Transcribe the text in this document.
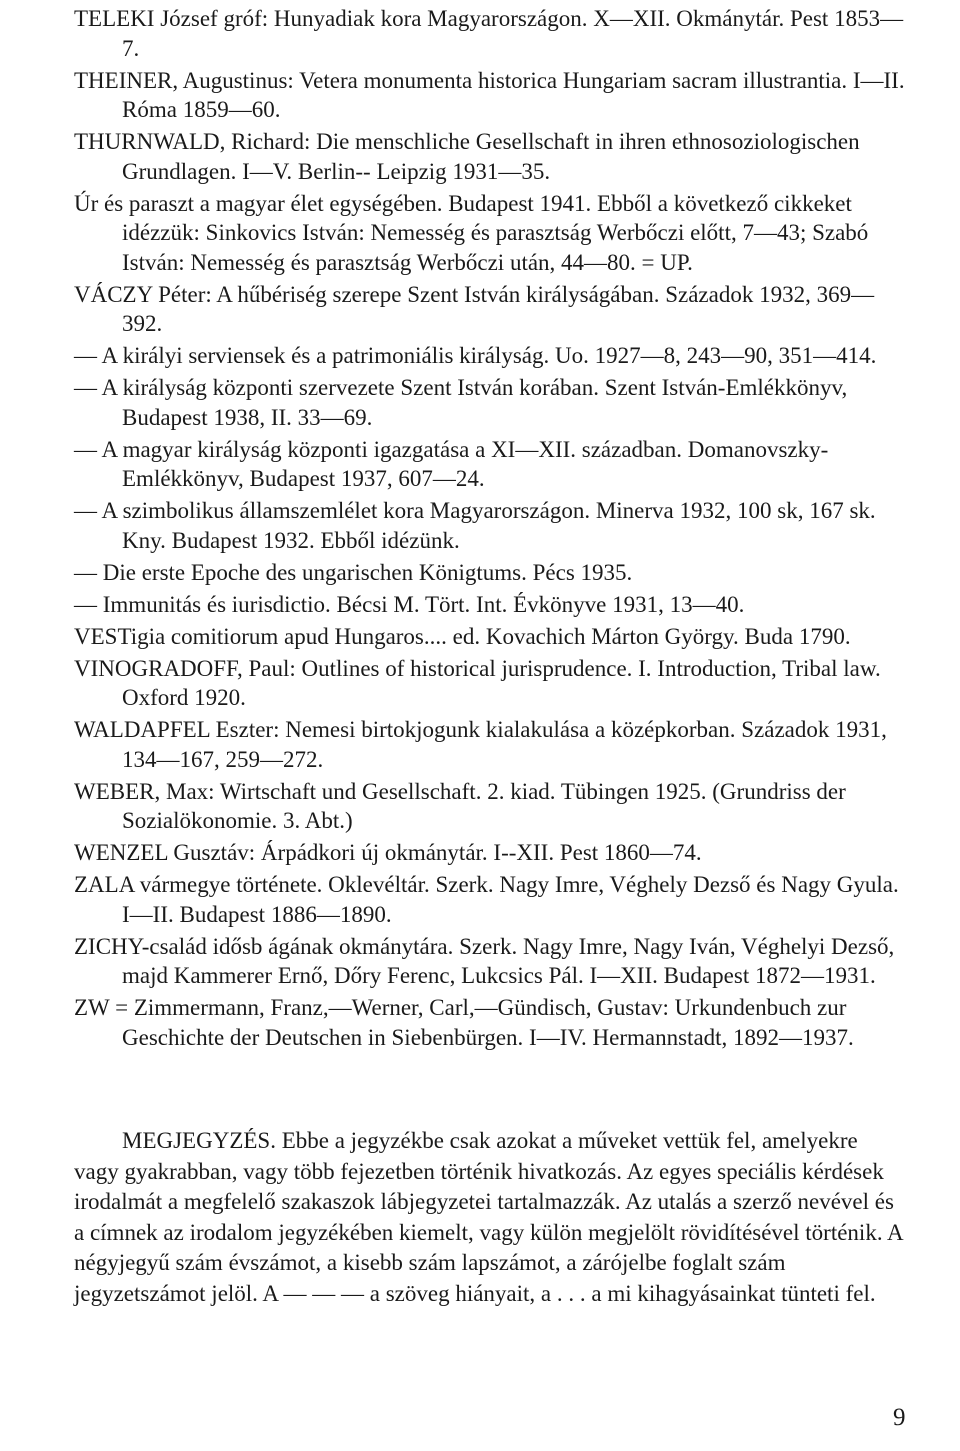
TELEKI József gróf: Hunyadiak kora Magyarországon. X—XII. Okmánytár. Pest 1853—7.

THEINER, Augustinus: Vetera monumenta historica Hungariam sacram illustrantia. I—II. Róma 1859—60.

THURNWALD, Richard: Die menschliche Gesellschaft in ihren ethnosoziologischen Grundlagen. I—V. Berlin-- Leipzig 1931—35.

Úr és paraszt a magyar élet egységében. Budapest 1941. Ebből a következő cikkeket idézzük: Sinkovics István: Nemesség és parasztság Werbőczi előtt, 7—43; Szabó István: Nemesség és parasztság Werbőczi után, 44—80. = UP.

VÁCZY Péter: A hűbériség szerepe Szent István királyságában. Századok 1932, 369—392.

— A királyi serviensek és a patrimoniális királyság. Uo. 1927—8, 243—90, 351—414.

— A királyság központi szervezete Szent István korában. Szent István-Emlékkönyv, Budapest 1938, II. 33—69.

— A magyar királyság központi igazgatása a XI—XII. században. Domanovszky-Emlékkönyv, Budapest 1937, 607—24.

— A szimbolikus államszemlélet kora Magyarországon. Minerva 1932, 100 sk, 167 sk. Kny. Budapest 1932. Ebből idézünk.

— Die erste Epoche des ungarischen Königtums. Pécs 1935.

— Immunitás és iurisdictio. Bécsi M. Tört. Int. Évkönyve 1931, 13—40.

VESTigia comitiorum apud Hungaros.... ed. Kovachich Márton György. Buda 1790.

VINOGRADOFF, Paul: Outlines of historical jurisprudence. I. Introduction, Tribal law. Oxford 1920.

WALDAPFEL Eszter: Nemesi birtokjogunk kialakulása a középkorban. Századok 1931, 134—167, 259—272.

WEBER, Max: Wirtschaft und Gesellschaft. 2. kiad. Tübingen 1925. (Grundriss der Sozialökonomie. 3. Abt.)

WENZEL Gusztáv: Árpádkori új okmánytár. I--XII. Pest 1860—74.

ZALA vármegye története. Oklevéltár. Szerk. Nagy Imre, Véghely Dezső és Nagy Gyula. I—II. Budapest 1886—1890.

ZICHY-család idősb ágának okmánytára. Szerk. Nagy Imre, Nagy Iván, Véghelyi Dezső, majd Kammerer Ernő, Dőry Ferenc, Lukcsics Pál. I—XII. Budapest 1872—1931.

ZW = Zimmermann, Franz,—Werner, Carl,—Gündisch, Gustav: Urkundenbuch zur Geschichte der Deutschen in Siebenbürgen. I—IV. Hermannstadt, 1892—1937.

MEGJEGYZÉS. Ebbe a jegyzékbe csak azokat a műveket vettük fel, amelyekre vagy gyakrabban, vagy több fejezetben történik hivatkozás. Az egyes speciális kérdések irodalmát a megfelelő szakaszok lábjegyzetei tartalmazzák. Az utalás a szerző nevével és a címnek az irodalom jegyzékében kiemelt, vagy külön megjelölt rövidítésével történik. A négyjegyű szám évszámot, a kisebb szám lapszámot, a zárójelbe foglalt szám jegyzetszámot jelöl. A — — — a szöveg hiányait, a . . . a mi kihagyásainkat tünteti fel.

9
